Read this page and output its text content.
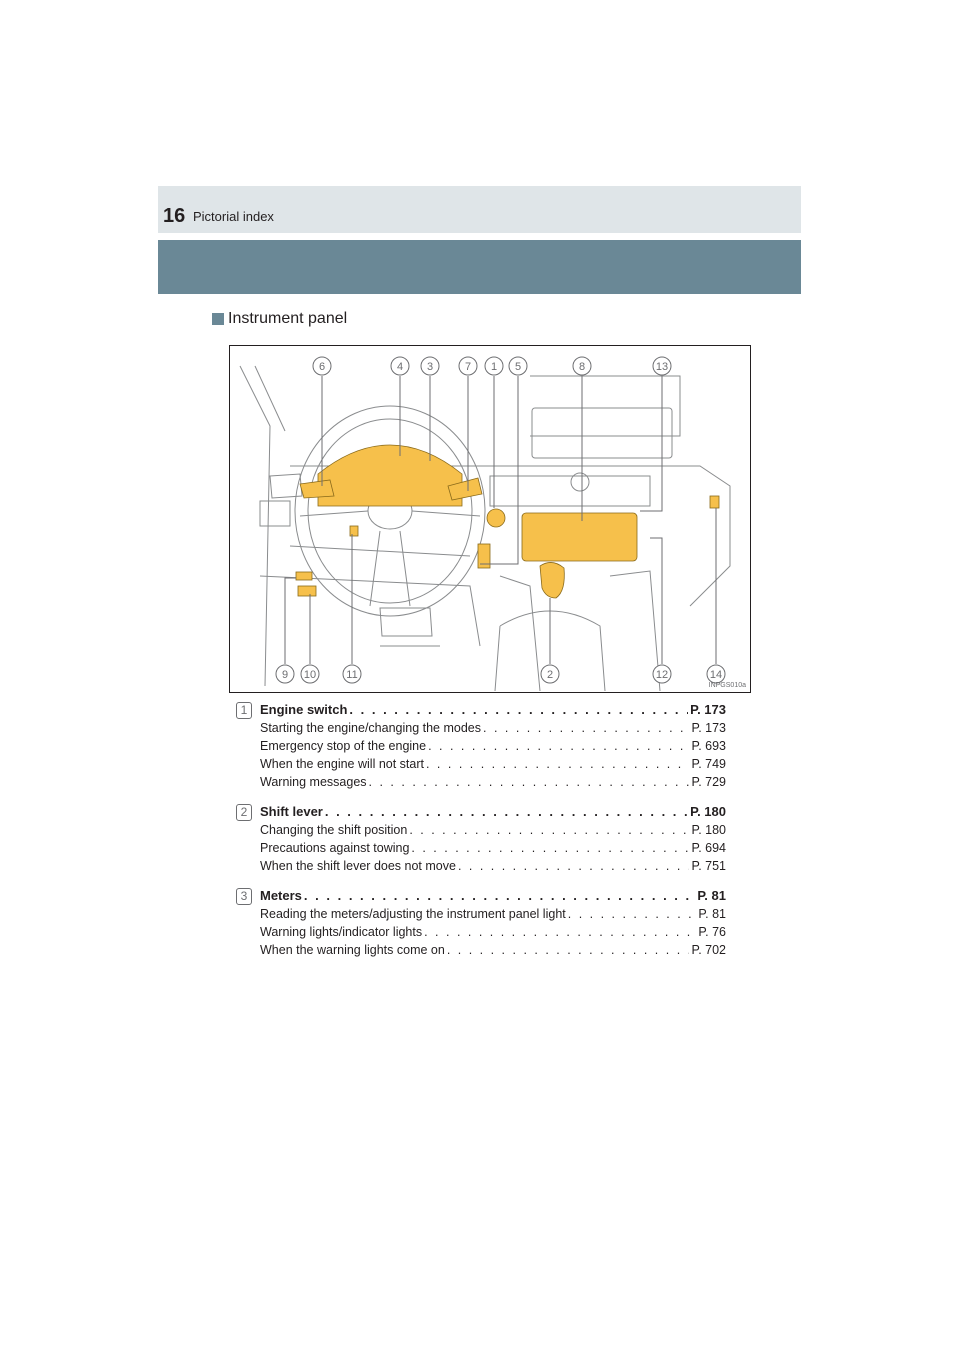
16 Pictorial index
Instrument panel
6	4 3	7 1 5	8	13
9 10	11	2	12	14
INPGS010a
1 Engine switch . . .	P. 173
Starting the engine/changing the modes . . .	P. 173
Emergency stop of the engine . . .	P. 693
When the engine will not start . . .	P. 749
Warning messages . . .	P. 729
2 Shift lever . . .	P. 180
Changing the shift position . . .	P. 180
Precautions against towing . . .	P. 694
When the shift lever does not move . . .	P. 751
3 Meters . . .	P. 81
Reading the meters/adjusting the instrument panel light . . .	P. 81
Warning lights/indicator lights . . .	P. 76
When the warning lights come on . . .	P. 702
